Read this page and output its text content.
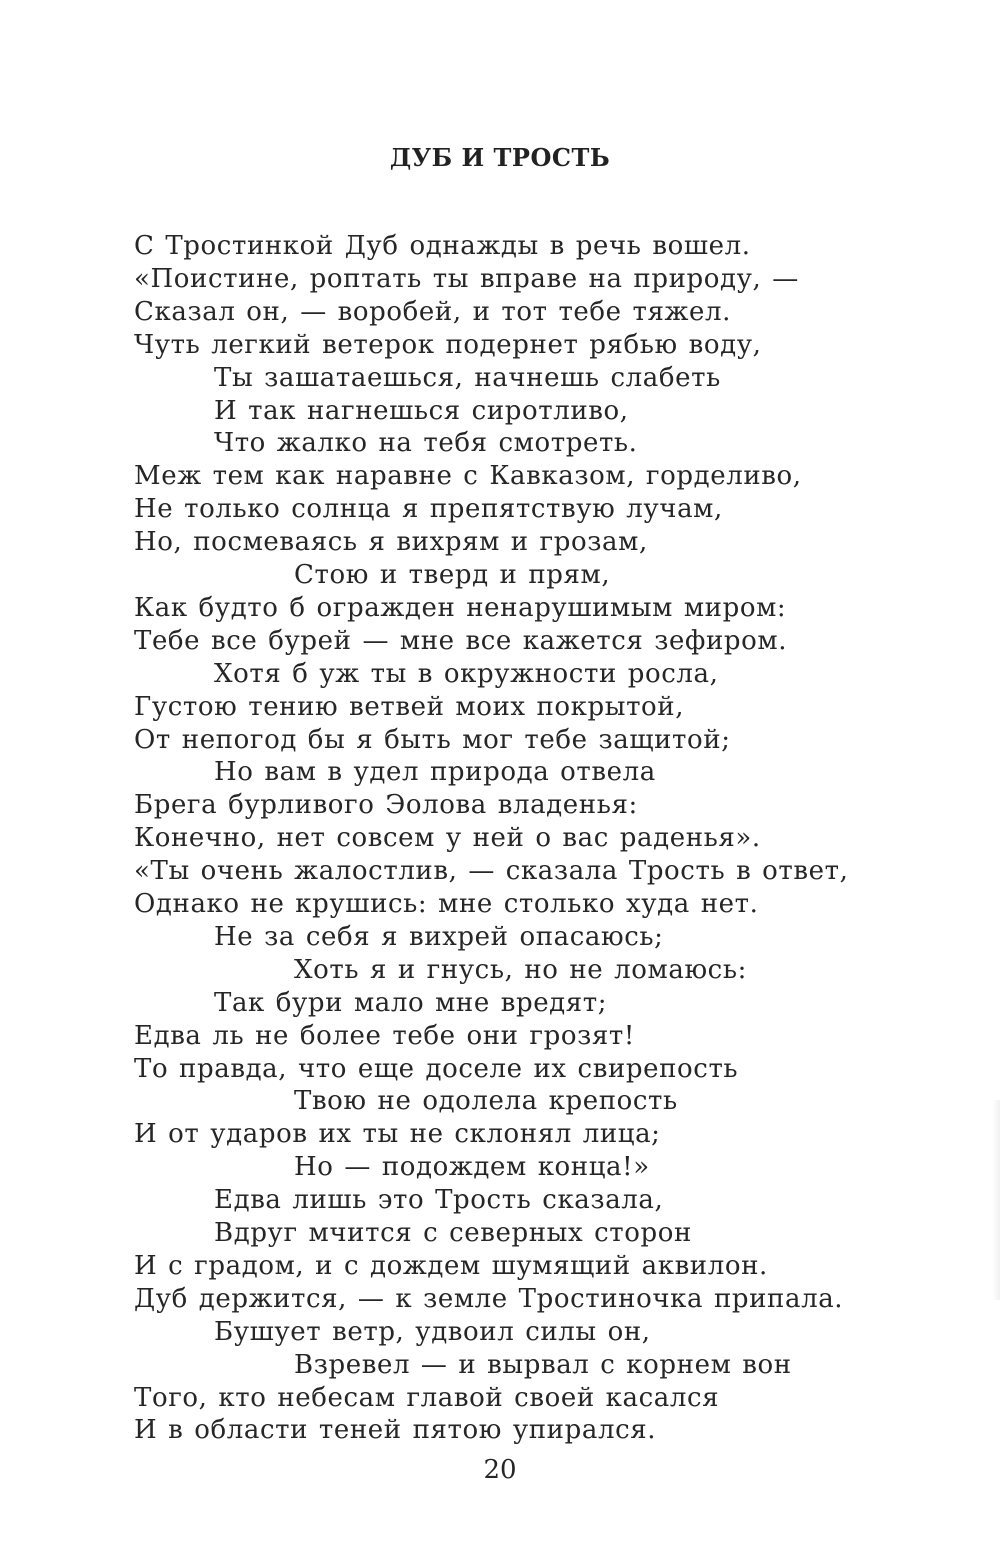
ДУБ И ТРОСТЬ
С Тростинкой Дуб однажды в речь вошел.
«Поистине, роптать ты вправе на природу, —
Сказал он, — воробей, и тот тебе тяжел.
Чуть легкий ветерок подернет рябью воду,
Ты зашатаешься, начнешь слабеть
И так нагнешься сиротливо,
Что жалко на тебя смотреть.
Меж тем как наравне с Кавказом, горделиво,
Не только солнца я препятствую лучам,
Но, посмеваясь я вихрям и грозам,
Стою и тверд и прям,
Как будто б огражден ненарушимым миром:
Тебе все бурей — мне все кажется зефиром.
Хотя б уж ты в окружности росла,
Густою тению ветвей моих покрытой,
От непогод бы я быть мог тебе защитой;
Но вам в удел природа отвела
Брега бурливого Эолова владенья:
Конечно, нет совсем у ней о вас раденья».
«Ты очень жалостлив, — сказала Трость в ответ,
Однако не крушись: мне столько худа нет.
Не за себя я вихрей опасаюсь;
Хоть я и гнусь, но не ломаюсь:
Так бури мало мне вредят;
Едва ль не более тебе они грозят!
То правда, что еще доселе их свирепость
Твою не одолела крепость
И от ударов их ты не склонял лица;
Но — подождем конца!»
Едва лишь это Трость сказала,
Вдруг мчится с северных сторон
И с градом, и с дождем шумящий аквилон.
Дуб держится, — к земле Тростиночка припала.
Бушует ветр, удвоил силы он,
Взревел — и вырвал с корнем вон
Того, кто небесам главой своей касался
И в области теней пятою упирался.
20
